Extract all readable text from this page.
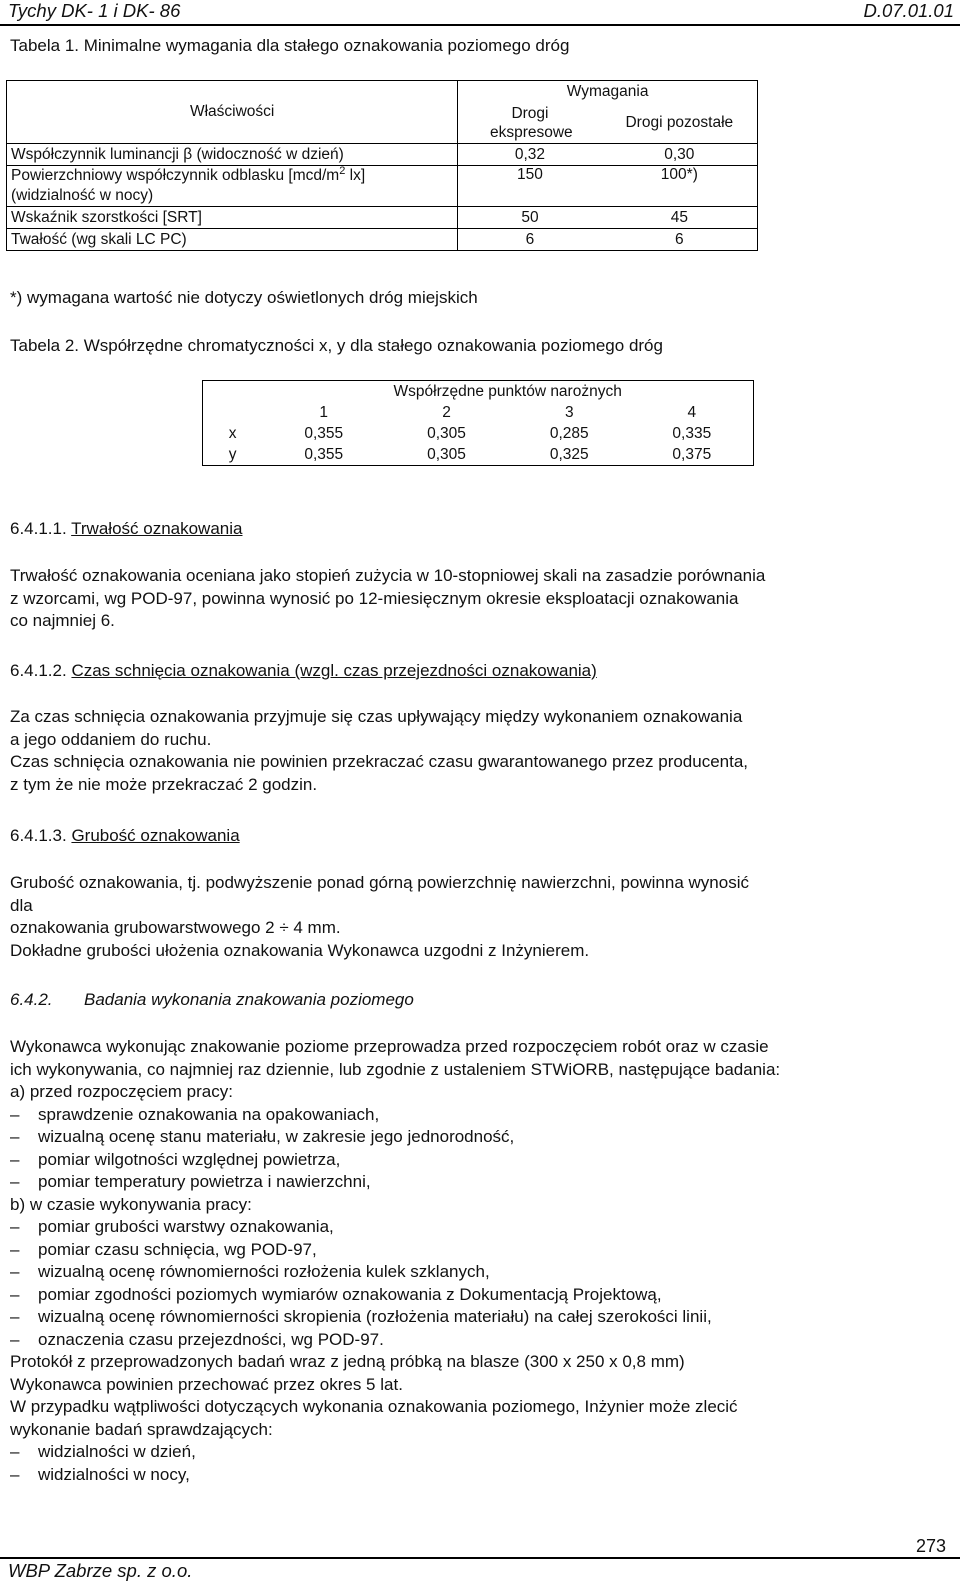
Tychy DK- 1 i DK- 86	D.07.01.01
Tabela 1. Minimalne wymagania dla stałego oznakowania poziomego dróg
Właściwości	Wymagania	
	Drogi ekspresowe	Drogi pozostałe
Współczynnik luminancji β (widoczność w dzień)	0,32	0,30
Powierzchniowy współczynnik odblasku [$mcd/m^2$ lx]
(widzialność w nocy)	150	100*)
Wskaźnik szorstkości [SRT]	50	45
Twałość (wg skali LC PC)	6	6
*) wymagana wartość nie dotyczy oświetlonych dróg miejskich
Tabela 2. Współrzędne chromatyczności x, y dla stałego oznakowania poziomego dróg
	Współrzędne punktów narożnych			
	1	2	3	4
x	0,355	0,305	0,285	0,335
y	0,355	0,305	0,325	0,375
6.4.1.1. Trwałość oznakowania
Trwałość oznakowania oceniana jako stopień zużycia w 10-stopniowej skali na zasadzie porównania
z wzorcami, wg POD-97, powinna wynosić po 12-miesięcznym okresie eksploatacji oznakowania
co najmniej 6.
6.4.1.2. Czas schnięcia oznakowania (wzgl. czas przejezdności oznakowania)
Za czas schnięcia oznakowania przyjmuje się czas upływający między wykonaniem oznakowania
a jego oddaniem do ruchu.
Czas schnięcia oznakowania nie powinien przekraczać czasu gwarantowanego przez producenta,
z tym że nie może przekraczać 2 godzin.
6.4.1.3. Grubość oznakowania
Grubość oznakowania, tj. podwyższenie ponad górną powierzchnię nawierzchni, powinna wynosić
dla
oznakowania grubowarstwowego 2 ÷ 4 mm.
Dokładne grubości ułożenia oznakowania Wykonawca uzgodni z Inżynierem.
6.4.2. Badania wykonania znakowania poziomego
Wykonawca wykonując znakowanie poziome przeprowadza przed rozpoczęciem robót oraz w czasie
ich wykonywania, co najmniej raz dziennie, lub zgodnie z ustaleniem STWiORB, następujące badania:
a) przed rozpoczęciem pracy:
– sprawdzenie oznakowania na opakowaniach,
– wizualną ocenę stanu materiału, w zakresie jego jednorodność,
– pomiar wilgotności względnej powietrza,
– pomiar temperatury powietrza i nawierzchni,
b) w czasie wykonywania pracy:
– pomiar grubości warstwy oznakowania,
– pomiar czasu schnięcia, wg POD-97,
– wizualną ocenę równomierności rozłożenia kulek szklanych,
– pomiar zgodności poziomych wymiarów oznakowania z Dokumentacją Projektową,
– wizualną ocenę równomierności skropienia (rozłożenia materiału) na całej szerokości linii,
– oznaczenia czasu przejezdności, wg POD-97.
Protokół z przeprowadzonych badań wraz z jedną próbką na blasze (300 x 250 x 0,8 mm)
Wykonawca powinien przechować przez okres 5 lat.
W przypadku wątpliwości dotyczących wykonania oznakowania poziomego, Inżynier może zlecić
wykonanie badań sprawdzających:
– widzialności w dzień,
– widzialności w nocy,
WBP Zabrze sp. z o.o.
273
